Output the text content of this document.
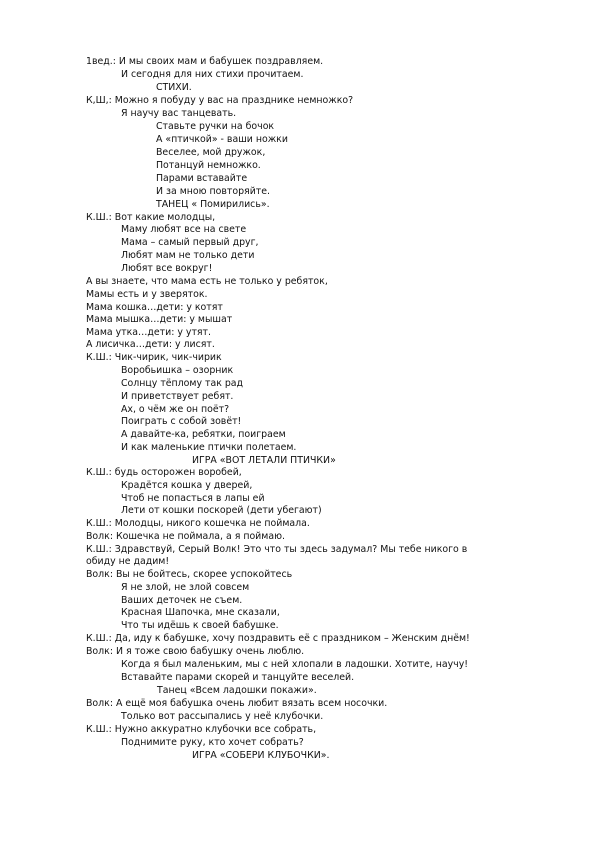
1вед.: И мы своих мам и бабушек поздравляем.
И сегодня для них стихи прочитаем.
СТИХИ.
К,Ш,: Можно я побуду у вас на празднике немножко?
Я научу вас танцевать.
Ставьте ручки на бочок
А «птичкой» - ваши ножки
Веселее, мой дружок,
Потанцуй немножко.
Парами вставайте
И за мною повторяйте.
ТАНЕЦ « Помирились».
К.Ш.: Вот какие молодцы,
Маму любят все на свете
Мама – самый первый друг,
Любят мам не только дети
Любят все вокруг!
А вы знаете, что мама есть не только у ребяток,
Мамы есть и у зверяток.
Мама кошка…дети: у котят
Мама мышка…дети: у мышат
Мама утка…дети: у утят.
А лисичка…дети: у лисят.
К.Ш.: Чик-чирик, чик-чирик
Воробьишка – озорник
Солнцу тёплому так рад
И приветствует ребят.
Ах, о чём же он поёт?
Поиграть с собой зовёт!
А давайте-ка, ребятки, поиграем
И как маленькие птички полетаем.
ИГРА «ВОТ ЛЕТАЛИ ПТИЧКИ»
К.Ш.: будь осторожен воробей,
Крадётся кошка у дверей,
Чтоб не попасться в лапы ей
Лети от кошки поскорей (дети убегают)
К.Ш.: Молодцы, никого кошечка не поймала.
Волк: Кошечка не поймала, а я поймаю.
К.Ш.: Здравствуй, Серый Волк! Это что ты здесь задумал? Мы тебе никого в
обиду не дадим!
Волк: Вы не бойтесь, скорее успокойтесь
Я не злой, не злой совсем
Ваших деточек не съем.
Красная Шапочка, мне сказали,
Что ты идёшь к своей бабушке.
К.Ш.: Да, иду к бабушке, хочу поздравить её с праздником – Женским днём!
Волк: И я тоже свою бабушку очень люблю.
Когда я был маленьким, мы с ней хлопали в ладошки. Хотите, научу!
Вставайте парами скорей и танцуйте веселей.
Танец «Всем ладошки покажи».
Волк: А ещё моя бабушка очень любит вязать всем носочки.
Только вот рассыпались у неё клубочки.
К.Ш.: Нужно аккуратно клубочки все собрать,
Поднимите руку, кто хочет собрать?
ИГРА «СОБЕРИ КЛУБОЧКИ».
